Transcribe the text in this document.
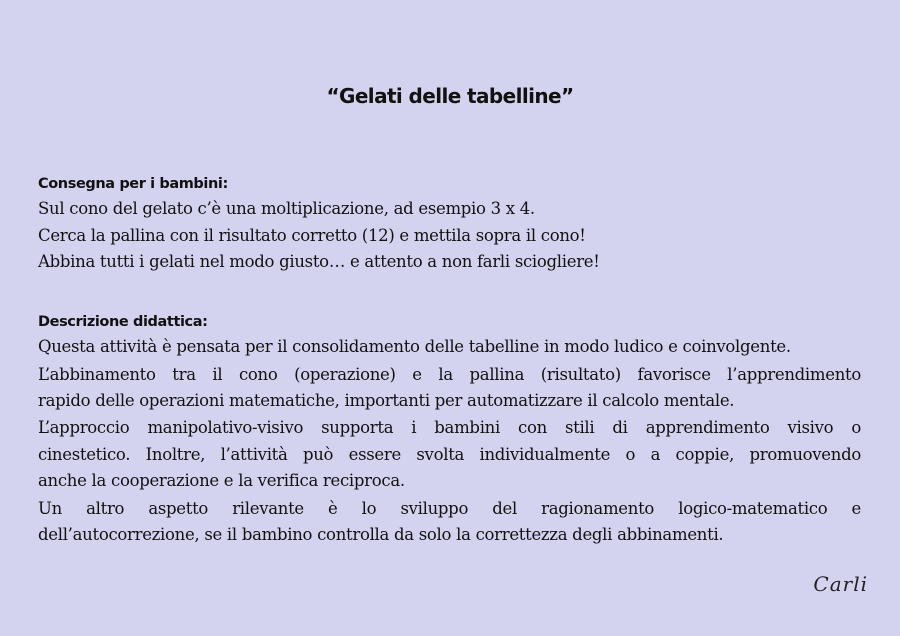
“Gelati delle tabelline”
Consegna per i bambini:
Sul cono del gelato c’è una moltiplicazione, ad esempio 3 x 4.
Cerca la pallina con il risultato corretto (12) e mettila sopra il cono!
Abbina tutti i gelati nel modo giusto… e attento a non farli sciogliere!
Descrizione didattica:
Questa attività è pensata per il consolidamento delle tabelline in modo ludico e coinvolgente.
L’abbinamento tra il cono (operazione) e la pallina (risultato) favorisce l’apprendimento
rapido delle operazioni matematiche, importanti per automatizzare il calcolo mentale.
L’approccio manipolativo-visivo supporta i bambini con stili di apprendimento visivo o
cinestetico. Inoltre, l’attività può essere svolta individualmente o a coppie, promuovendo
anche la cooperazione e la verifica reciproca.
Un altro aspetto rilevante è lo sviluppo del ragionamento logico-matematico e
dell’autocorrezione, se il bambino controlla da solo la correttezza degli abbinamenti.
Carli
